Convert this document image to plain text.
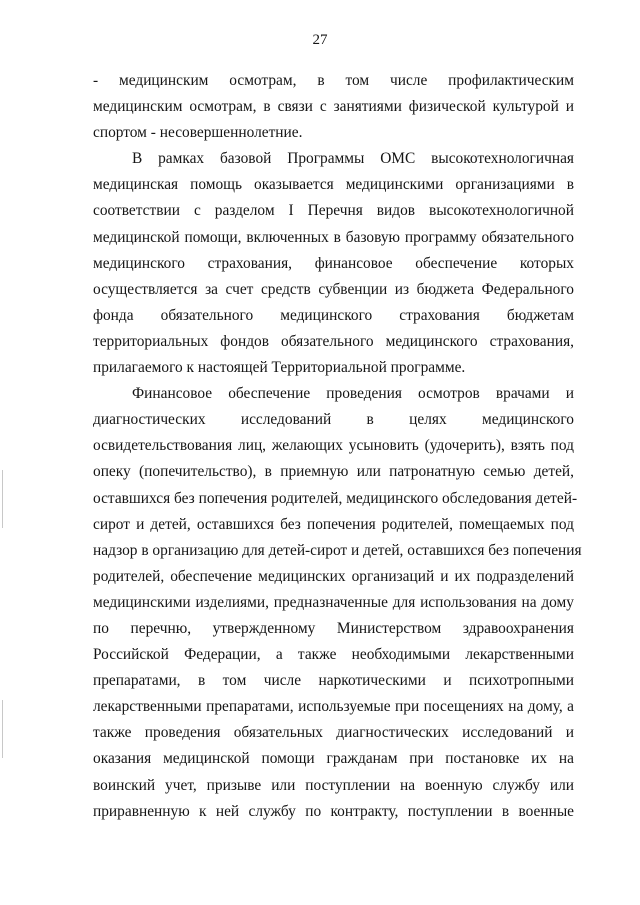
27

- медицинским осмотрам, в том числе профилактическим
медицинским осмотрам, в связи с занятиями физической культурой и
спортом - несовершеннолетние.

В рамках базовой Программы ОМС высокотехнологичная
медицинская помощь оказывается медицинскими организациями в
соответствии с разделом I Перечня видов высокотехнологичной
медицинской помощи, включенных в базовую программу обязательного
медицинского страхования, финансовое обеспечение которых
осуществляется за счет средств субвенции из бюджета Федерального
фонда обязательного медицинского страхования бюджетам
территориальных фондов обязательного медицинского страхования,
прилагаемого к настоящей Территориальной программе.

Финансовое обеспечение проведения осмотров врачами и
диагностических исследований в целях медицинского
освидетельствования лиц, желающих усыновить (удочерить), взять под
опеку (попечительство), в приемную или патронатную семью детей,
оставшихся без попечения родителей, медицинского обследования детей-
сирот и детей, оставшихся без попечения родителей, помещаемых под
надзор в организацию для детей-сирот и детей, оставшихся без попечения
родителей, обеспечение медицинских организаций и их подразделений
медицинскими изделиями, предназначенные для использования на дому
по перечню, утвержденному Министерством здравоохранения
Российской Федерации, а также необходимыми лекарственными
препаратами, в том числе наркотическими и психотропными
лекарственными препаратами, используемые при посещениях на дому, а
также проведения обязательных диагностических исследований и
оказания медицинской помощи гражданам при постановке их на
воинский учет, призыве или поступлении на военную службу или
приравненную к ней службу по контракту, поступлении в военные
